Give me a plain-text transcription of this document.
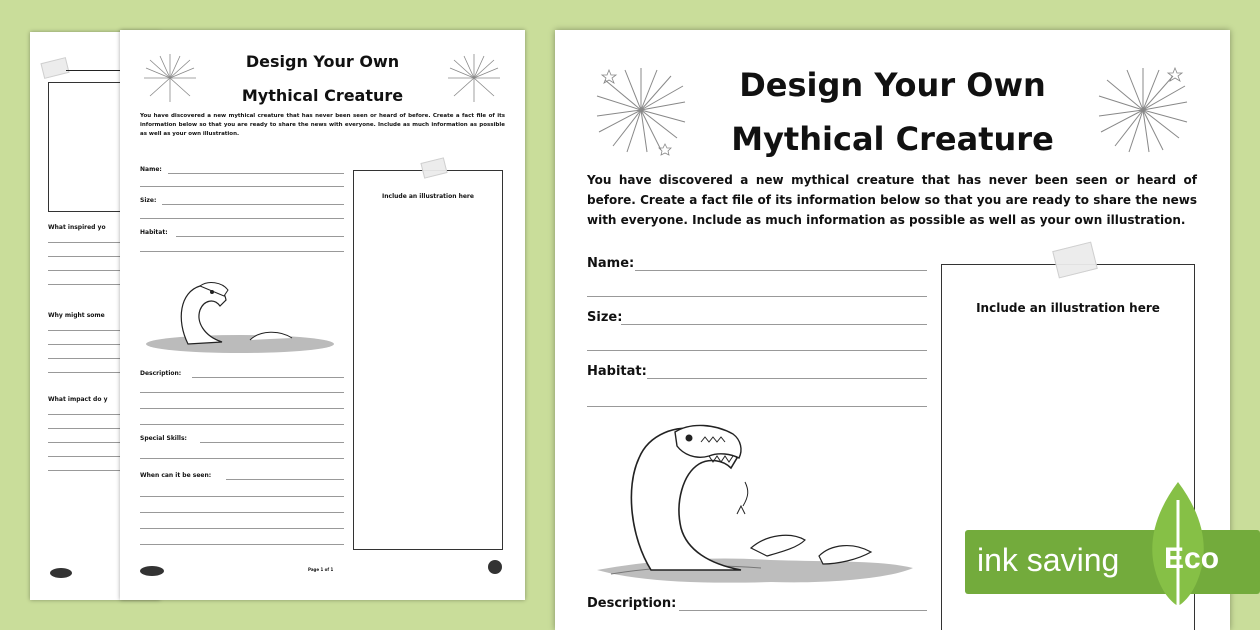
What inspired yo
Why might some
What impact do y
Design Your Own
Mythical Creature
You have discovered a new mythical creature that has never been seen or heard of before. Create a fact file of its information below so that you are ready to share the news with everyone. Include as much information as possible as well as your own illustration.
Name:
Size:
Habitat:
Description:
Special Skills:
When can it be seen:
Include an illustration here
Page 1 of 1
Design Your Own
Mythical Creature
You have discovered a new mythical creature that has never been seen or heard of before. Create a fact file of its information below so that you are ready to share the news with everyone. Include as much information as possible as well as your own illustration.
Name:
Size:
Habitat:
Description:
Include an illustration here
ink saving Eco
